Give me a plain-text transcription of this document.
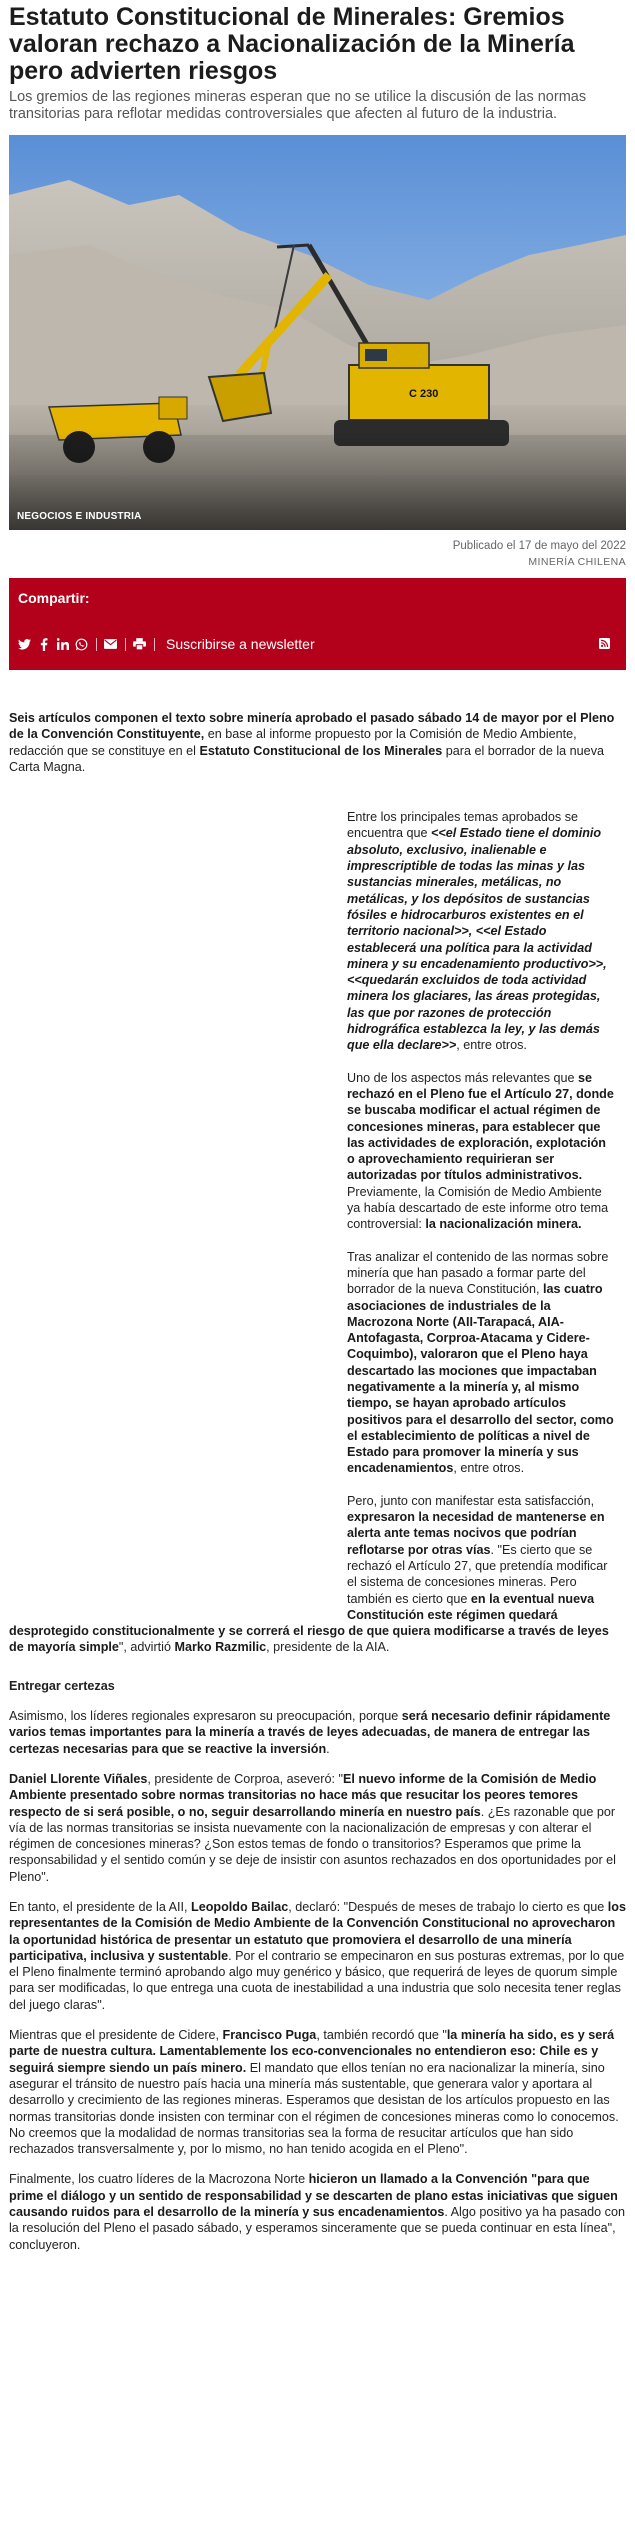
Estatuto Constitucional de Minerales: Gremios valoran rechazo a Nacionalización de la Minería pero advierten riesgos

Los gremios de las regiones mineras esperan que no se utilice la discusión de las normas transitorias para reflotar medidas controversiales que afecten al futuro de la industria.

NEGOCIOS E INDUSTRIA
Publicado el 17 de mayo del 2022
MINERÍA CHILENA
Compartir:
Suscribirse a newsletter

Seis artículos componen el texto sobre minería aprobado el pasado sábado 14 de mayor por el Pleno de la Convención Constituyente, en base al informe propuesto por la Comisión de Medio Ambiente, redacción que se constituye en el Estatuto Constitucional de los Minerales para el borrador de la nueva Carta Magna.

Entre los principales temas aprobados se encuentra que <<el Estado tiene el dominio absoluto, exclusivo, inalienable e imprescriptible de todas las minas y las sustancias minerales, metálicas, no metálicas, y los depósitos de sustancias fósiles e hidrocarburos existentes en el territorio nacional>>, <<el Estado establecerá una política para la actividad minera y su encadenamiento productivo>>, <<quedarán excluidos de toda actividad minera los glaciares, las áreas protegidas, las que por razones de protección hidrográfica establezca la ley, y las demás que ella declare>>, entre otros.

Uno de los aspectos más relevantes que se rechazó en el Pleno fue el Artículo 27, donde se buscaba modificar el actual régimen de concesiones mineras, para establecer que las actividades de exploración, explotación o aprovechamiento requirieran ser autorizadas por títulos administrativos. Previamente, la Comisión de Medio Ambiente ya había descartado de este informe otro tema controversial: la nacionalización minera.

Tras analizar el contenido de las normas sobre minería que han pasado a formar parte del borrador de la nueva Constitución, las cuatro asociaciones de industriales de la Macrozona Norte (AII-Tarapacá, AIA-Antofagasta, Corproa-Atacama y Cidere-Coquimbo), valoraron que el Pleno haya descartado las mociones que impactaban negativamente a la minería y, al mismo tiempo, se hayan aprobado artículos positivos para el desarrollo del sector, como el establecimiento de políticas a nivel de Estado para promover la minería y sus encadenamientos, entre otros.

Pero, junto con manifestar esta satisfacción, expresaron la necesidad de mantenerse en alerta ante temas nocivos que podrían reflotarse por otras vías. "Es cierto que se rechazó el Artículo 27, que pretendía modificar el sistema de concesiones mineras. Pero también es cierto que en la eventual nueva Constitución este régimen quedará

desprotegido constitucionalmente y se correrá el riesgo de que quiera modificarse a través de leyes de mayoría simple", advirtió Marko Razmilic, presidente de la AIA.

Entregar certezas

Asimismo, los líderes regionales expresaron su preocupación, porque será necesario definir rápidamente varios temas importantes para la minería a través de leyes adecuadas, de manera de entregar las certezas necesarias para que se reactive la inversión.

Daniel Llorente Viñales, presidente de Corproa, aseveró: "El nuevo informe de la Comisión de Medio Ambiente presentado sobre normas transitorias no hace más que resucitar los peores temores respecto de si será posible, o no, seguir desarrollando minería en nuestro país. ¿Es razonable que por vía de las normas transitorias se insista nuevamente con la nacionalización de empresas y con alterar el régimen de concesiones mineras? ¿Son estos temas de fondo o transitorios? Esperamos que prime la responsabilidad y el sentido común y se deje de insistir con asuntos rechazados en dos oportunidades por el Pleno".

En tanto, el presidente de la AII, Leopoldo Bailac, declaró: "Después de meses de trabajo lo cierto es que los representantes de la Comisión de Medio Ambiente de la Convención Constitucional no aprovecharon la oportunidad histórica de presentar un estatuto que promoviera el desarrollo de una minería participativa, inclusiva y sustentable. Por el contrario se empecinaron en sus posturas extremas, por lo que el Pleno finalmente terminó aprobando algo muy genérico y básico, que requerirá de leyes de quorum simple para ser modificadas, lo que entrega una cuota de inestabilidad a una industria que solo necesita tener reglas del juego claras".

Mientras que el presidente de Cidere, Francisco Puga, también recordó que "la minería ha sido, es y será parte de nuestra cultura. Lamentablemente los eco-convencionales no entendieron eso: Chile es y seguirá siempre siendo un país minero. El mandato que ellos tenían no era nacionalizar la minería, sino asegurar el tránsito de nuestro país hacia una minería más sustentable, que generara valor y aportara al desarrollo y crecimiento de las regiones mineras. Esperamos que desistan de los artículos propuesto en las normas transitorias donde insisten con terminar con el régimen de concesiones mineras como lo conocemos. No creemos que la modalidad de normas transitorias sea la forma de resucitar artículos que han sido rechazados transversalmente y, por lo mismo, no han tenido acogida en el Pleno".

Finalmente, los cuatro líderes de la Macrozona Norte hicieron un llamado a la Convención "para que prime el diálogo y un sentido de responsabilidad y se descarten de plano estas iniciativas que siguen causando ruidos para el desarrollo de la minería y sus encadenamientos. Algo positivo ya ha pasado con la resolución del Pleno el pasado sábado, y esperamos sinceramente que se pueda continuar en esta línea", concluyeron.
